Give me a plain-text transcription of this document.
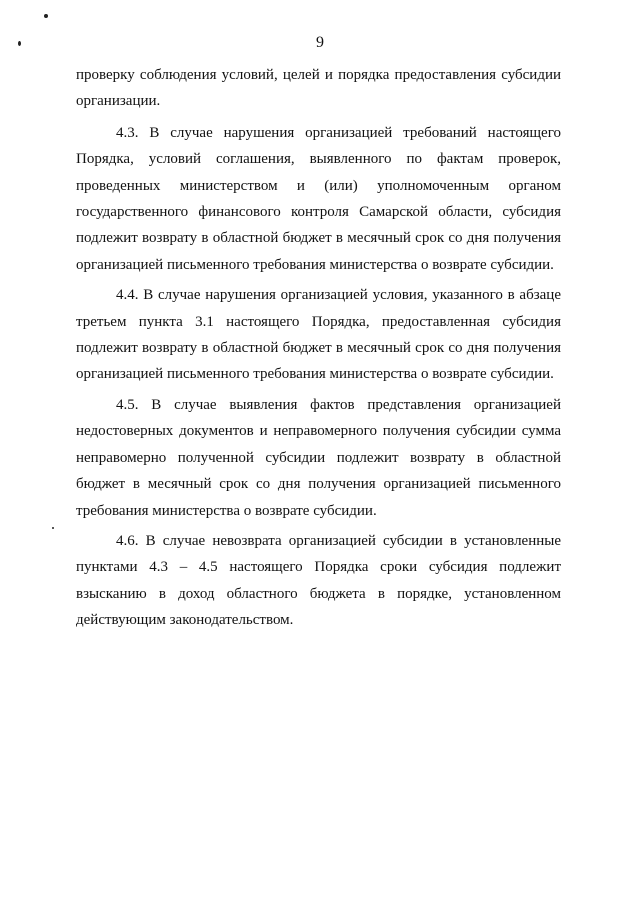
9

проверку соблюдения условий, целей и порядка предоставления субсидии организации.

4.3. В случае нарушения организацией требований настоящего Порядка, условий соглашения, выявленного по фактам проверок, проведенных министерством и (или) уполномоченным органом государственного финансового контроля Самарской области, субсидия подлежит возврату в областной бюджет в месячный срок со дня получения организацией письменного требования министерства о возврате субсидии.

4.4. В случае нарушения организацией условия, указанного в абзаце третьем пункта 3.1 настоящего Порядка, предоставленная субсидия подлежит возврату в областной бюджет в месячный срок со дня получения организацией письменного требования министерства о возврате субсидии.

4.5. В случае выявления фактов представления организацией недостоверных документов и неправомерного получения субсидии сумма неправомерно полученной субсидии подлежит возврату в областной бюджет в месячный срок со дня получения организацией письменного требования министерства о возврате субсидии.

4.6. В случае невозврата организацией субсидии в установленные пунктами 4.3 – 4.5 настоящего Порядка сроки субсидия подлежит взысканию в доход областного бюджета в порядке, установленном действующим законодательством.
